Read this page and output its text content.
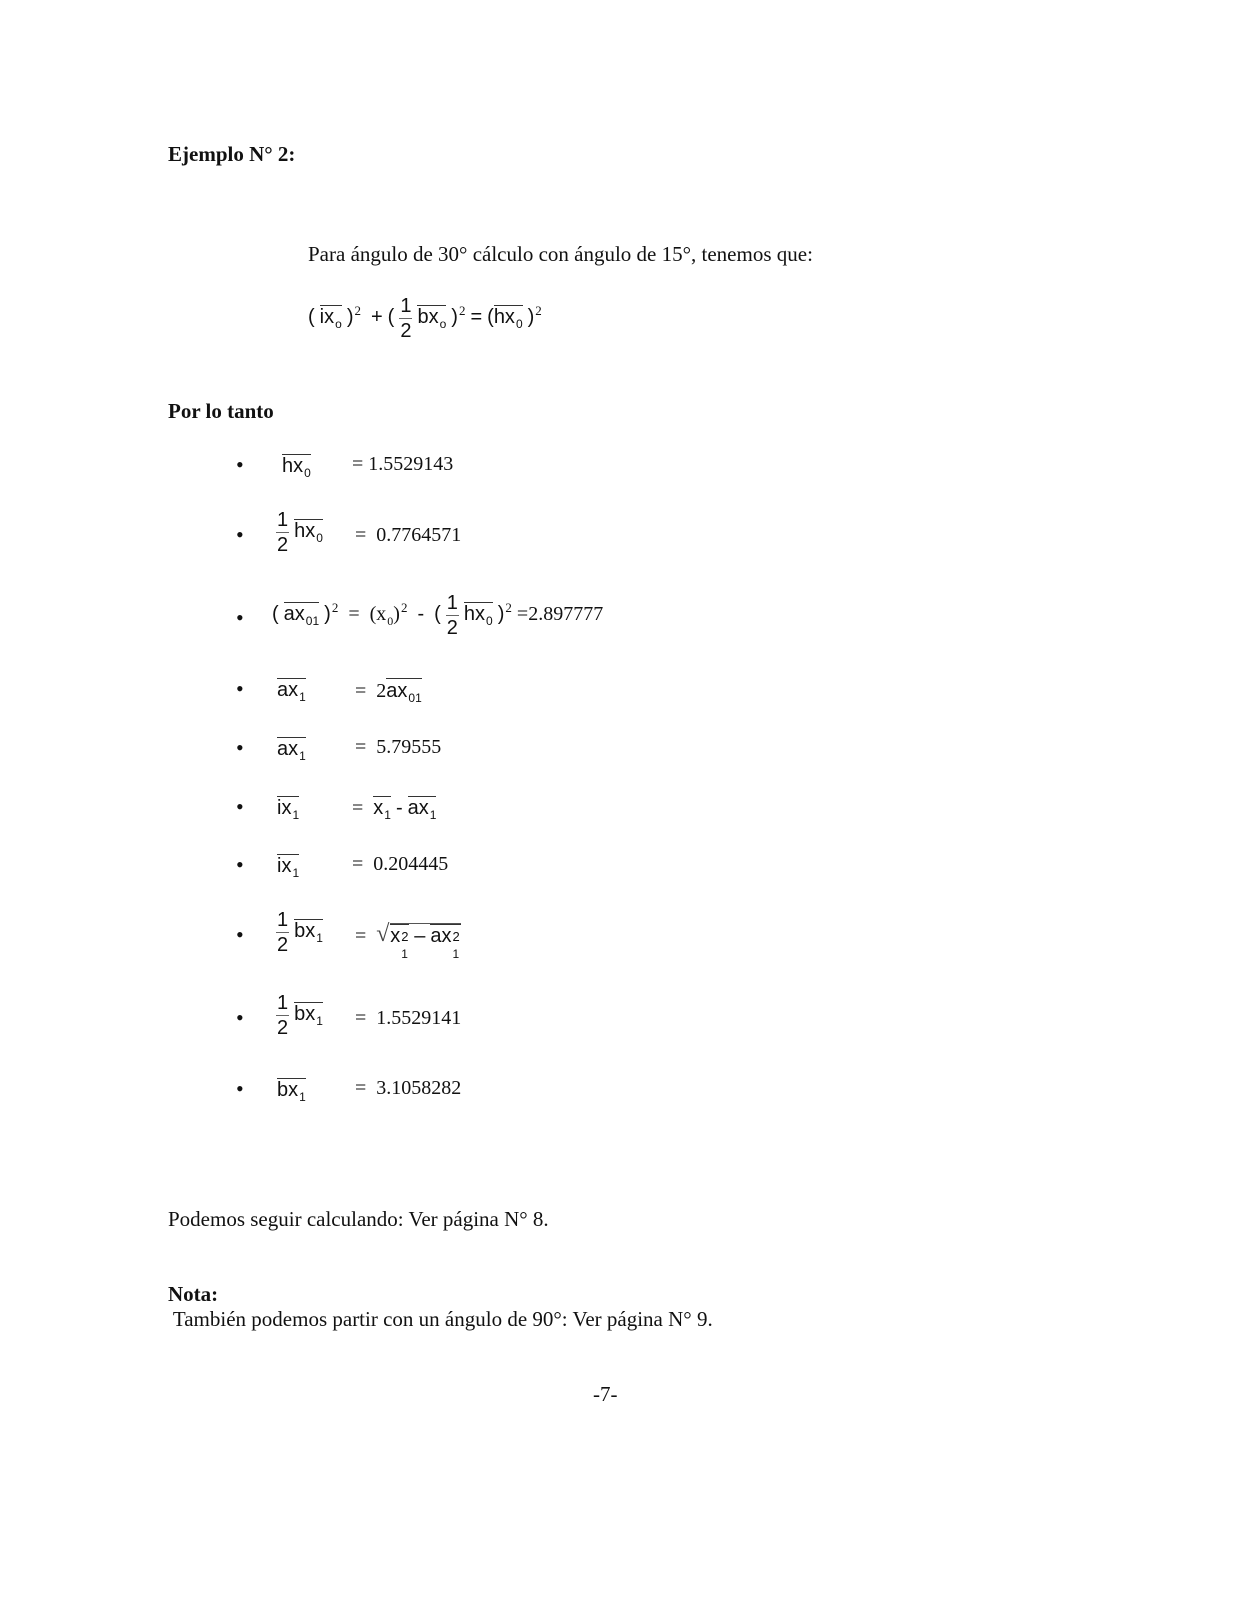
Ejemplo N° 2:
Para ángulo de 30° cálculo con ángulo de 15°, tenemos que:
( $ix_o$ )$^2$ + ( $\frac{1}{2} bx_o$ )$^2 = (hx_0$ )$^2$
Por lo tanto
• $hx_0 = 1.5529143$
• $\frac{1}{2} hx_0 = 0.7764571$
• ( $ax_{01}$ )$^2 = (x_0)^2$ - ( $\frac{1}{2} hx_0$ )$^2$ =2.897777
• $ax_1 = 2ax_{01}$
• $ax_1 = 5.79555$
• $ix_1$	= $x_1 - ax_1$
• $ix_1$	= 0.204445
• $\frac{1}{2} bx_1$ = √ x 2
1
– ax 2
1
• $\frac{1}{2} bx_1 = 1.5529141$
• $bx_1 = 3.1058282$
Podemos seguir calculando: Ver página N° 8.
Nota:
También podemos partir con un ángulo de 90°: Ver página N° 9.
-7-
